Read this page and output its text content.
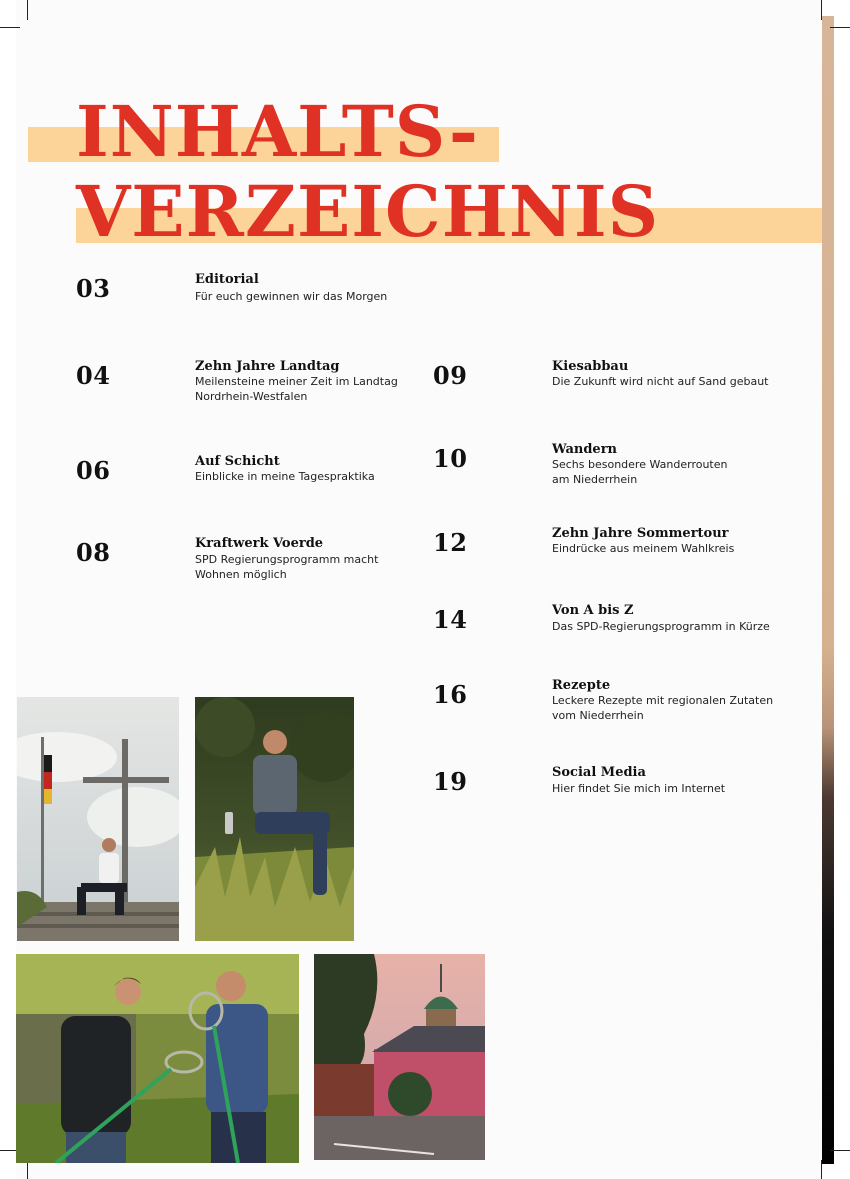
INHALTS-
VERZEICHNIS
03	Editorial
Für euch gewinnen wir das Morgen
04	Zehn Jahre Landtag
Meilensteine meiner Zeit im Landtag
Nordrhein-Westfalen
06	Auf Schicht
Einblicke in meine Tagespraktika
08	Kraftwerk Voerde
SPD Regierungsprogramm macht
Wohnen möglich
09	Kiesabbau
Die Zukunft wird nicht auf Sand gebaut
10	Wandern
Sechs besondere Wanderrouten
am Niederrhein
12	Zehn Jahre Sommertour
Eindrücke aus meinem Wahlkreis
14	Von A bis Z
Das SPD-Regierungsprogramm in Kürze
16	Rezepte
Leckere Rezepte mit regionalen Zutaten
vom Niederrhein
19	Social Media
Hier findet Sie mich im Internet
